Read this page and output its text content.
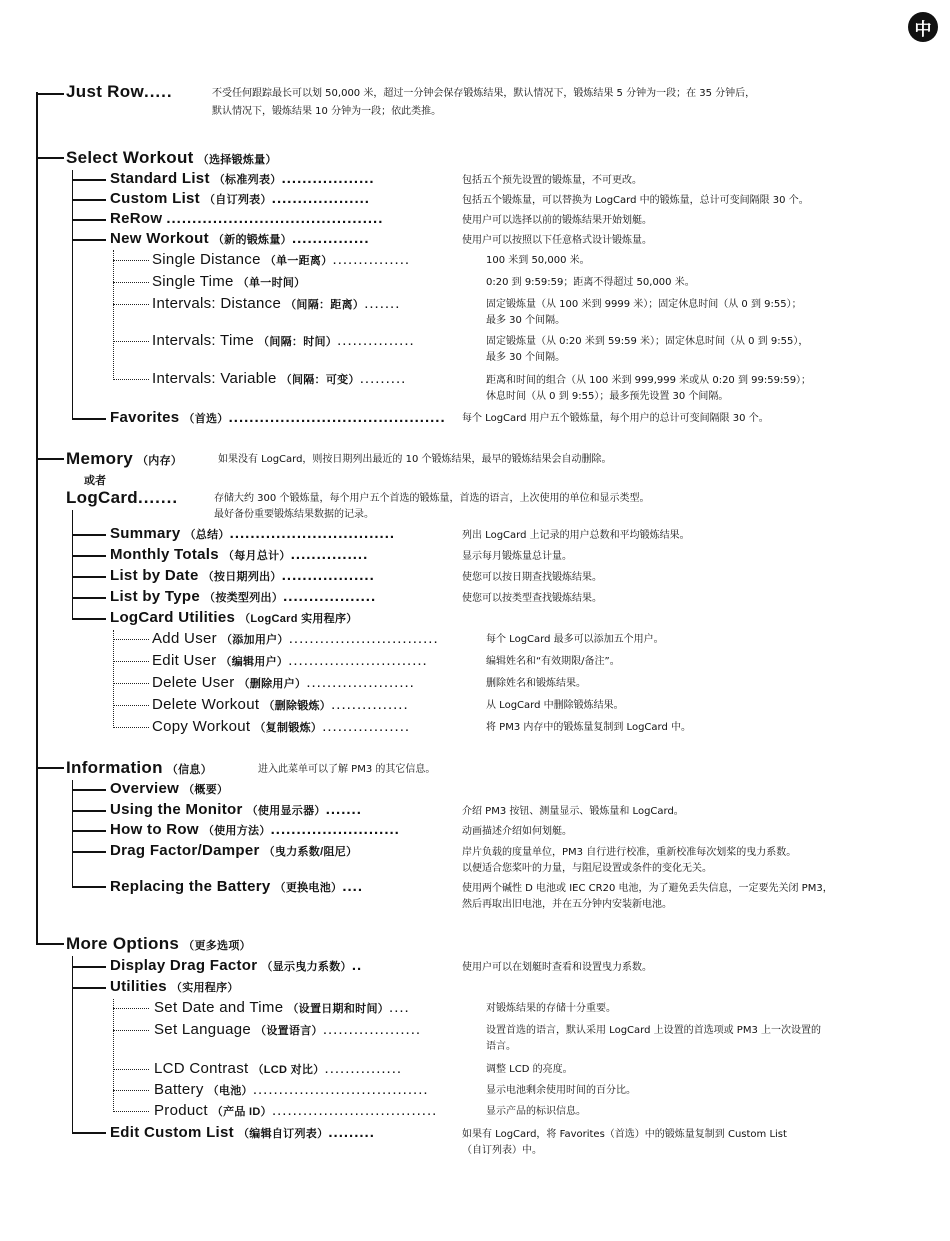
中
Just Row.....	不受任何跟踪最长可以划 50,000 米，超过一分钟会保存锻炼结果，默认情况下，锻炼结果 5 分钟为一段；在 35 分钟后，
默认情况下，锻炼结果 10 分钟为一段；依此类推。
Select Workout （选择锻炼量）
Standard List （标准列表）..................	包括五个预先设置的锻炼量，不可更改。
Custom List （自订列表）...................	包括五个锻炼量，可以替换为 LogCard 中的锻炼量，总计可变间隔限 30 个。
ReRow ..........................................	使用户可以选择以前的锻炼结果开始划艇。
New Workout （新的锻炼量）...............	使用户可以按照以下任意格式设计锻炼量。
Single Distance （单一距离）...............	100 米到 50,000 米。
Single Time （单一时间）	0:20 到 9:59:59；距离不得超过 50,000 米。
Intervals: Distance （间隔：距离）.......	固定锻炼量（从 100 米到 9999 米）；固定休息时间（从 0 到 9:55）；
最多 30 个间隔。
Intervals: Time （间隔：时间）...............	固定锻炼量（从 0:20 米到 59:59 米）；固定休息时间（从 0 到 9:55），
最多 30 个间隔。
Intervals: Variable （间隔：可变）.........	距离和时间的组合（从 100 米到 999,999 米或从 0:20 到 99:59:59）；
休息时间（从 0 到 9:55）；最多预先设置 30 个间隔。
Favorites （首选）.......................................... 每个 LogCard 用户五个锻炼量，每个用户的总计可变间隔限 30 个。
Memory （内存）	如果没有 LogCard，则按日期列出最近的 10 个锻炼结果，最早的锻炼结果会自动删除。
或者
LogCard.......	存储大约 300 个锻炼量，每个用户五个首选的锻炼量，首选的语言，上次使用的单位和显示类型。
最好备份重要锻炼结果数据的记录。
Summary （总结）................................	列出 LogCard 上记录的用户总数和平均锻炼结果。
Monthly Totals （每月总计）...............	显示每月锻炼量总计量。
List by Date （按日期列出）..................	使您可以按日期查找锻炼结果。
List by Type （按类型列出）..................	使您可以按类型查找锻炼结果。
LogCard Utilities （LogCard 实用程序）
Add User （添加用户）.............................	每个 LogCard 最多可以添加五个用户。
Edit User （编辑用户）...........................	编辑姓名和“有效期限/备注”。
Delete User （删除用户）.....................	删除姓名和锻炼结果。
Delete Workout （删除锻炼）...............	从 LogCard 中删除锻炼结果。
Copy Workout （复制锻炼）.................	将 PM3 内存中的锻炼量复制到 LogCard 中。
Information （信息）	进入此菜单可以了解 PM3 的其它信息。
Overview （概要）
Using the Monitor （使用显示器）.......	介绍 PM3 按钮、测量显示、锻炼量和 LogCard。
How to Row （使用方法）.........................	动画描述介绍如何划艇。
Drag Factor/Damper （曳力系数/阻尼）	岸片负载的度量单位，PM3 自行进行校准，重新校准每次划桨的曳力系数。
以便适合您桨叶的力量，与阻尼设置或条件的变化无关。
Replacing the Battery （更换电池）....	使用两个碱性 D 电池或 IEC CR20 电池，为了避免丢失信息，一定要先关闭 PM3，
然后再取出旧电池，并在五分钟内安装新电池。
More Options （更多选项）
Display Drag Factor （显示曳力系数）..	使用户可以在划艇时查看和设置曳力系数。
Utilities （实用程序）
Set Date and Time （设置日期和时间）....	对锻炼结果的存储十分重要。
Set Language （设置语言）...................	设置首选的语言，默认采用 LogCard 上设置的首选项或 PM3 上一次设置的
语言。
LCD Contrast （LCD 对比）...............	调整 LCD 的亮度。
Battery （电池）..................................	显示电池剩余使用时间的百分比。
Product （产品 ID）................................	显示产品的标识信息。
Edit Custom List （编辑自订列表）.........	如果有 LogCard，将 Favorites（首选）中的锻炼量复制到 Custom List
（自订列表）中。
